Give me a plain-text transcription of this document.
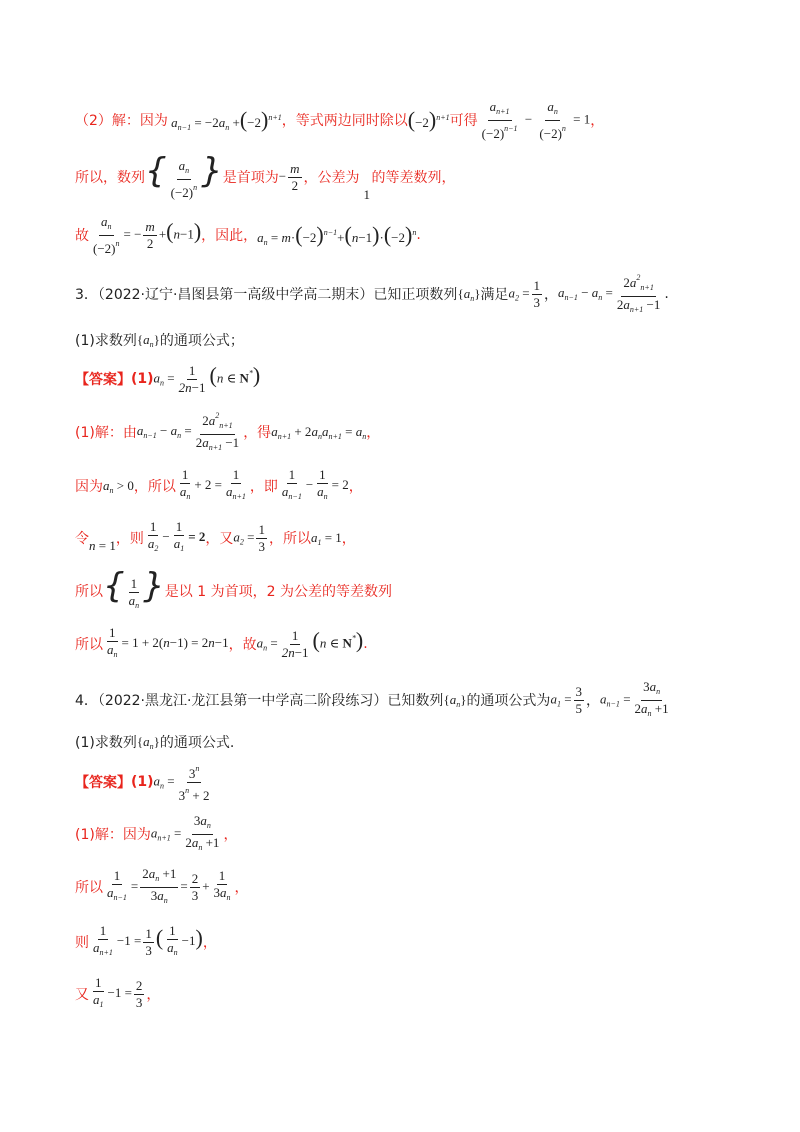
（2）解：因为 $a_{n-1} = -2a_n +(-2)^{n+1}$ ，等式两边同时除以 $(-2)^{n+1}$ 可得 $\frac{a_{n+1}}{(-2)^{n-1}} - \frac{a_n}{(-2)^n} = 1$ ，
所以，数列 { $\frac{a_n}{(-2)^n}$ } 是首项为 − $\frac{m}{2}$ ，公差为
1
的等差数列，
故 $\frac{a_n}{(-2)^n}$ = − $\frac{m}{2} +(n-1)$ ，因此， $a_n = m\cdot(-2)^{n-1}+(n-1)\cdot(-2)^n$ .
3．（2022·辽宁·昌图县第一高级中学高二期末）已知正项数列 $\{a_n\}$ 满足 $a_2 = \frac{1}{3}$ ， $a_{n-1} - a_n = \frac{2a^2_{n+1}}{2a_{n+1} -1}$ .
(1)求数列 $\{a_n\}$ 的通项公式；
【答案】 (1) $a_n = \frac{1}{2n-1} (n$ ∈ N*)
(1)解：由 $a_{n-1} - a_n = \frac{2a^2_{n+1}}{2a_{n+1} -1}$ ，得 $a_{n+1} + 2a_na_{n+1} = a_n$ ，
因为 $a_n > 0$ ，所以 $\frac{1}{a_n} + 2 = \frac{1}{a_{n+1}}$ ，即 $\frac{1}{a_{n-1}} - \frac{1}{a_n} = 2$ ，
令 n = 1 ，则 $\frac{1}{a_2} - \frac{1}{a_1} = 2$ ，又 $a_2 = \frac{1}{3}$ ，所以 $a_1 = 1$ ，
所以 { $\frac{1}{a_n}$ } 是以 1 为首项，2 为公差的等差数列
所以 $\frac{1}{a_n} = 1 + 2(n-1) = 2n-1$ ，故 $a_n = \frac{1}{2n-1} (n$ ∈ N*) .
4．（2022·黑龙江·龙江县第一中学高二阶段练习）已知数列 $\{a_n\}$ 的通项公式为 $a_1 = \frac{3}{5}$ ， $a_{n-1} = \frac{3a_n}{2a_n +1}$
(1)求数列 $\{a_n\}$ 的通项公式.
【答案】 (1) $a_n = \frac{3^n}{3^n + 2}$
(1)解：因为 $a_{n+1} = \frac{3a_n}{2a_n +1}$ ，
所以 $\frac{1}{a_{n-1}} = \frac{2a_n +1}{3a_n} = \frac{2}{3} + \frac{1}{3a_n}$ ，
则 $\frac{1}{a_{n+1}} -1 = \frac{1}{3}$ ( $\frac{1}{a_n} -1$) ，
又 $\frac{1}{a_1} -1 = \frac{2}{3}$ ，
